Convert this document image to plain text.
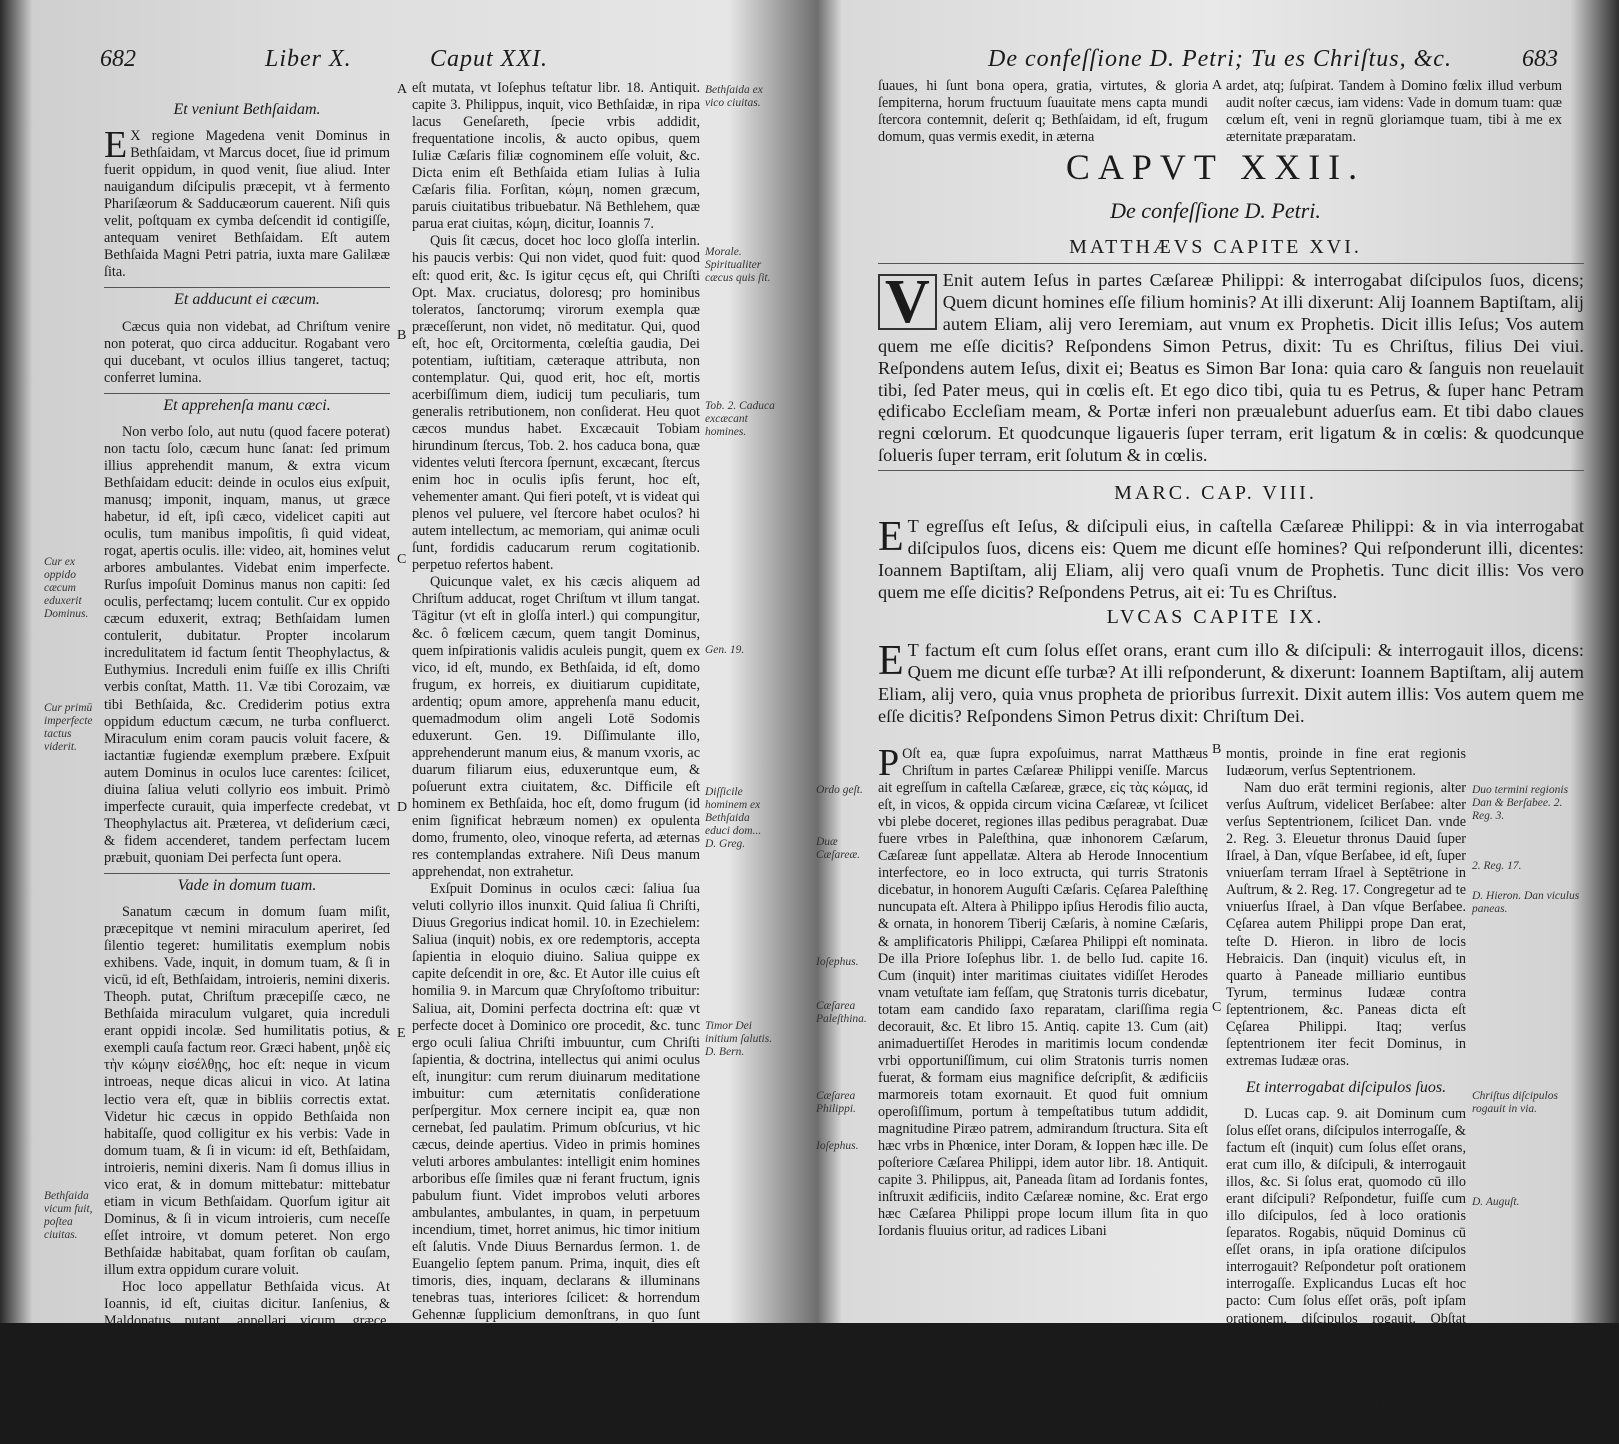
682	Liber X.	Caput XXI.
Et veniunt Bethſaidam.

E X regione Magedena venit Dominus in Bethſaidam, vt Marcus docet, ſiue id primum fuerit oppidum, in quod venit, ſiue aliud. Inter nauigandum diſcipulis præcepit, vt à fermento Phariſæorum & Sadducæorum cauerent. Niſi quis velit, poſtquam ex cymba deſcendit id contigiſſe, antequam veniret Bethſaidam. Eſt autem Bethſaida Magni Petri patria, iuxta mare Galilææ ſita.

Et adducunt ei cæcum.

Cæcus quia non videbat, ad Chriſtum venire non poterat, quo circa adducitur. Rogabant vero qui ducebant, vt oculos illius tangeret, tactuq; conferret lumina.

Et apprehenſa manu cæci.

Non verbo ſolo, aut nutu (quod facere poterat) non tactu ſolo, cæcum hunc ſanat: ſed primum illius apprehendit manum, & extra vicum Bethſaidam educit: deinde in oculos eius exſpuit, manusq; imponit, inquam, manus, ut græce habetur, id eſt, ipſi cæco, videlicet capiti aut oculis, tum manibus impoſitis, ſi quid videat, rogat, apertis oculis. ille: video, ait, homines velut arbores ambulantes. Videbat enim imperfecte. Rurſus impoſuit Dominus manus non capiti: ſed oculis, perfectamq; lucem contulit. Cur ex oppido cæcum eduxerit, extraq; Bethſaidam lumen contulerit, dubitatur. Propter incolarum incredulitatem id factum ſentit Theophylactus, & Euthymius. Increduli enim fuiſſe ex illis Chriſti verbis conſtat, Matth. 11. Væ tibi Corozaim, væ tibi Bethſaida, &c. Crediderim potius extra oppidum eductum cæcum, ne turba confluerct. Miraculum enim coram paucis voluit facere, & iactantiæ fugiendæ exemplum præbere. Exſpuit autem Dominus in oculos luce carentes: ſcilicet, diuina ſaliua veluti collyrio eos imbuit. Primò imperfecte curauit, quia imperfecte credebat, vt Theophylactus ait. Præterea, vt deſiderium cæci, & fidem accenderet, tandem perfectam lucem præbuit, quoniam Dei perfecta ſunt opera.

Vade in domum tuam.

Sanatum cæcum in domum ſuam miſit, præcepitque vt nemini miraculum aperiret, ſed ſilentio tegeret: humilitatis exemplum nobis exhibens. Vade, inquit, in domum tuam, & ſi in vicū, id eſt, Bethſaidam, introieris, nemini dixeris. Theoph. putat, Chriſtum præcepiſſe cæco, ne Bethſaida miraculum vulgaret, quia increduli erant oppidi incolæ. Sed humilitatis potius, & exempli cauſa factum reor. Græci habent, μηδὲ εἰς τὴν κώμην εἰσέλθῃς, hoc eſt: neque in vicum introeas, neque dicas alicui in vico. At latina lectio vera eſt, quæ in bibliis correctis extat. Videtur hic cæcus in oppido Bethſaida non habitaſſe, quod colligitur ex his verbis: Vade in domum tuam, & ſi in vicum: id eſt, Bethſaidam, introieris, nemini dixeris. Nam ſi domus illius in vico erat, & in domum mittebatur: mittebatur etiam in vicum Bethſaidam. Quorſum igitur ait Dominus, & ſi in vicum introieris, cum neceſſe eſſet introire, vt domum peteret. Non ergo Bethſaidæ habitabat, quam forſitan ob cauſam, illum extra oppidum curare voluit.

Hoc loco appellatur Bethſaida vicus. At Ioannis, id eſt, ciuitas dicitur. Ianſenius, & Maldonatus putant, appellari vicum, græce, κώμην, ob paruitatem, quod parua eſſet ciuitas, vel dicendū appellari Bethſaidam vicum hoc loco, quoniam vicus fuerat. Ciuitatē vero à Ioanne dici, quia ex vico in ciuitatem

eſt mutata, vt Ioſephus teſtatur libr. 18. Antiquit. capite 3. Philippus, inquit, vico Bethſaidæ, in ripa lacus Geneſareth, ſpecie vrbis addidit, frequentatione incolis, & aucto opibus, quem Iuliæ Cæſaris filiæ cognominem eſſe voluit, &c. Dicta enim eſt Bethſaida etiam Iulias à Iulia Cæſaris filia. Forſitan, κώμη, nomen græcum, paruis ciuitatibus tribuebatur. Nā Bethlehem, quæ parua erat ciuitas, κώμη, dicitur, Ioannis 7.

Quis ſit cæcus, docet hoc loco gloſſa interlin. his paucis verbis: Qui non videt, quod fuit: quod eſt: quod erit, &c. Is igitur cęcus eſt, qui Chriſti Opt. Max. cruciatus, doloresq; pro hominibus toleratos, ſanctorumq; virorum exempla quæ præceſſerunt, non videt, nō meditatur. Qui, quod eſt, hoc eſt, Orcitormenta, cœleſtia gaudia, Dei potentiam, iuſtitiam, cæteraque attributa, non contemplatur. Qui, quod erit, hoc eſt, mortis acerbiſſimum diem, iudicij tum peculiaris, tum generalis retributionem, non conſiderat. Heu quot cæcos mundus habet. Excæcauit Tobiam hirundinum ſtercus, Tob. 2. hos caduca bona, quæ videntes veluti ſtercora ſpernunt, excæcant, ſtercus enim hoc in oculis ipſis ferunt, hoc eſt, vehementer amant. Qui fieri poteſt, vt is videat qui plenos vel puluere, vel ſtercore habet oculos? hi autem intellectum, ac memoriam, qui animæ oculi ſunt, fordidis caducarum rerum cogitationib. perpetuo refertos habent.

Quicunque valet, ex his cæcis aliquem ad Chriſtum adducat, roget Chriſtum vt illum tangat. Tāgitur (vt eſt in gloſſa interl.) qui compungitur, &c. ô fœlicem cæcum, quem tangit Dominus, quem inſpirationis validis aculeis pungit, quem ex vico, id eſt, mundo, ex Bethſaida, id eſt, domo frugum, ex horreis, ex diuitiarum cupiditate, ardentiq; opum amore, apprehenſa manu educit, quemadmodum olim angeli Lotē Sodomis eduxerunt. Gen. 19. Diſſimulante illo, apprehenderunt manum eius, & manum vxoris, ac duarum filiarum eius, eduxeruntque eum, & poſuerunt extra ciuitatem, &c. Difficile eſt hominem ex Bethſaida, hoc eſt, domo frugum (id enim ſignificat hebræum nomen) ex opulenta domo, frumento, oleo, vinoque referta, ad æternas res contemplandas extrahere. Niſi Deus manum apprehendat, non extrahetur.

Exſpuit Dominus in oculos cæci: ſaliua ſua veluti collyrio illos inunxit. Quid ſaliua ſi Chriſti, Diuus Gregorius indicat homil. 10. in Ezechielem: Saliua (inquit) nobis, ex ore redemptoris, accepta ſapientia in eloquio diuino. Saliua quippe ex capite deſcendit in ore, &c. Et Autor ille cuius eſt homilia 9. in Marcum quæ Chryſoſtomo tribuitur: Saliua, ait, Domini perfecta doctrina eſt: quæ vt perfecte docet à Dominico ore procedit, &c. tunc ergo oculi ſaliua Chriſti imbuuntur, cum Chriſti ſapientia, & doctrina, intellectus qui animi oculus eſt, inungitur: cum rerum diuinarum meditatione imbuitur: cum æternitatis conſideratione perſpergitur. Mox cernere incipit ea, quæ non cernebat, ſed paulatim. Primum obſcurius, vt hic cæcus, deinde apertius. Video in primis homines veluti arbores ambulantes: intelligit enim homines arboribus eſſe ſimiles quæ ni ferant fructum, ignis pabulum fiunt. Videt improbos veluti arbores ambulantes, ambulantes, in quam, in perpetuum incendium, timet, horret animus, hic timor initium eſt ſalutis. Vnde Diuus Bernardus ſermon. 1. de Euangelio ſeptem panum. Prima, inquit, dies eſt timoris, dies, inquam, declarans & illuminans tenebras tuas, interiores ſcilicet: & horrendum Gehennæ ſupplicium demonſtrans, in quo ſunt tenebræ exteriores, nam huiuſmodi ſiquidem cogitatio, ſicut ipſi noſtis, noſtræ ſolet exercere primordia conuerſionis, &c. Poſt, videt arborum viriditatum, ac fructiferarum, id eſt, hominū proborum fructus, quam ſint dulces, quā iucundi, quā

ſuaues,

A
B
C
D
E
Bethſaida ex vico ciuitas.
Morale. Spiritualiter cæcus quis ſit.
Tob. 2. Caduca excæcant homines.
Gen. 19.
Diſſicile hominem ex Bethſaida educi dom... D. Greg.
Timor Dei initium ſalutis. D. Bern.
Cur ex oppido cæcum eduxerit Dominus.
Cur primū imperfecte tactus viderit.
Bethſaida vicum fuit, poſtea ciuitas.
De confeſſione D. Petri; Tu es Chriſtus, &c.	683
ſuaues, hi ſunt bona opera, gratia, virtutes, & gloria ſempiterna, horum fructuum ſuauitate mens capta mundi ſtercora contemnit, deſerit q; Bethſaidam, id eſt, frugum domum, quas vermis exedit, in æterna
A ardet, atq; ſuſpirat. Tandem à Domino fœlix illud verbum audit noſter cæcus, iam videns: Vade in domum tuam: quæ cœlum eſt, veni in regnū gloriamque tuam, tibi à me ex æternitate præparatam.
CAPVT XXII.
De confeſſione D. Petri.
MATTHÆVS CAPITE XVI.
V Enit autem Ieſus in partes Cæſareæ Philippi: & interrogabat diſcipulos ſuos, dicens; Quem dicunt homines eſſe filium hominis? At illi dixerunt: Alij Ioannem Baptiſtam, alij autem Eliam, alij vero Ieremiam, aut vnum ex Prophetis. Dicit illis Ieſus; Vos autem quem me eſſe dicitis? Reſpondens Simon Petrus, dixit: Tu es Chriſtus, filius Dei viui. Reſpondens autem Ieſus, dixit ei; Beatus es Simon Bar Iona: quia caro & ſanguis non reuelauit tibi, ſed Pater meus, qui in cœlis eſt. Et ego dico tibi, quia tu es Petrus, & ſuper hanc Petram ędificabo Eccleſiam meam, & Portæ inferi non præualebunt aduerſus eam. Et tibi dabo claues regni cœlorum. Et quodcunque ligaueris ſuper terram, erit ligatum & in cœlis: & quodcunque ſolueris ſuper terram, erit ſolutum & in cœlis.
MARC. CAP. VIII.
E T egreſſus eſt Ieſus, & diſcipuli eius, in caſtella Cæſareæ Philippi: & in via interrogabat diſcipulos ſuos, dicens eis: Quem me dicunt eſſe homines? Qui reſponderunt illi, dicentes: Ioannem Baptiſtam, alij Eliam, alij vero quaſi vnum de Prophetis. Tunc dicit illis: Vos vero quem me eſſe dicitis? Reſpondens Petrus, ait ei: Tu es Chriſtus.
LVCAS CAPITE IX.
E T factum eſt cum ſolus eſſet orans, erant cum illo & diſcipuli: & interrogauit illos, dicens: Quem me dicunt eſſe turbæ? At illi reſponderunt, & dixerunt: Ioannem Baptiſtam, alij autem Eliam, alij vero, quia vnus propheta de prioribus ſurrexit. Dixit autem illis: Vos autem quem me eſſe dicitis? Reſpondens Simon Petrus dixit: Chriſtum Dei.

P Oſt ea, quæ ſupra expoſuimus, narrat Matthæus Chriſtum in partes Cæſareæ Philippi veniſſe. Marcus ait egreſſum in caſtella Cæſareæ, græce, εἰς τὰς κώμας, id eſt, in vicos, & oppida circum vicina Cæſareæ, vt ſcilicet vbi plebe doceret, regiones illas pedibus peragrabat. Duæ fuere vrbes in Paleſthina, quæ inhonorem Cæſarum, Cæſareæ ſunt appellatæ. Altera ab Herode Innocentium interfectore, eo in loco extructa, qui turris Stratonis dicebatur, in honorem Auguſti Cæſaris. Cęſarea Paleſthinę nuncupata eſt. Altera à Philippo ipſius Herodis filio aucta, & ornata, in honorem Tiberij Cæſaris, à nomine Cæſaris, & amplificatoris Philippi, Cæſarea Philippi eſt nominata. De illa Priore Ioſephus libr. 1. de bello Iud. capite 16. Cum (inquit) inter maritimas ciuitates vidiſſet Herodes vnam vetuſtate iam feſſam, quę Stratonis turris dicebatur, totam eam candido ſaxo reparatam, clariſſima regia decorauit, &c. Et libro 15. Antiq. capite 13. Cum (ait) animaduertiſſet Herodes in maritimis locum condendæ vrbi opportuniſſimum, cui olim Stratonis turris nomen fuerat, & formam eius magnifice deſcripſit, & ædificiis marmoreis totam exornauit. Et quod fuit omnium operoſiſſimum, portum à tempeſtatibus tutum addidit, magnitudine Piræo patrem, admirandum ſtructura. Sita eſt hæc vrbs in Phœnice, inter Doram, & Ioppen hæc ille. De poſteriore Cæſarea Philippi, idem autor libr. 18. Antiquit. capite 3. Philippus, ait, Paneada ſitam ad Iordanis fontes, inſtruxit ædificiis, indito Cæſareæ nomine, &c. Erat ergo hæc Cæſarea Philippi prope locum illum ſita in quo Iordanis fluuius oritur, ad radices Libani

B
C

montis, proinde in fine erat regionis Iudæorum, verſus Septentrionem.

Nam duo erāt termini regionis, alter verſus Auſtrum, videlicet Berſabee: alter verſus Septentrionem, ſcilicet Dan. vnde 2. Reg. 3. Eleuetur thronus Dauid ſuper Iſrael, à Dan, vſque Berſabee, id eſt, ſuper vniuerſam terram Iſrael à Septētrione in Auſtrum, & 2. Reg. 17. Congregetur ad te vniuerſus Iſrael, à Dan vſque Berſabee. Cęſarea autem Philippi prope Dan erat, teſte D. Hieron. in libro de locis Hebraicis. Dan (inquit) viculus eſt, in quarto à Paneade milliario euntibus Tyrum, terminus Iudææ contra ſeptentrionem, &c. Paneas dicta eſt Cęſarea Philippi. Itaq; verſus ſeptentrionem iter fecit Dominus, in extremas Iudææ oras.

Et interrogabat diſcipulos ſuos.

D. Lucas cap. 9. ait Dominum cum ſolus eſſet orans, diſcipulos interrogaſſe, & factum eſt (inquit) cum ſolus eſſet orans, erat cum illo, & diſcipuli, & interrogauit illos, &c. Si ſolus erat, quomodo cū illo erant diſcipuli? Reſpondetur, fuiſſe cum illo diſcipulos, ſed à loco orationis ſeparatos. Rogabis, nūquid Dominus cū eſſet orans, in ipſa oratione diſcipulos interrogauit? Reſpondetur poſt orationem interrogaſſe. Explicandus Lucas eſt hoc pacto: Cum ſolus eſſet orās, poſt ipſam orationem, diſcipulos rogauit. Obſtat Marcus, ſic enim ſcribit: In via interrogabat diſcipulos ſuos. hoc eſt, inter eundem, cum iter facerent, non ergo cum oraret. Reſpondet D. Auguſtinus libr. 2. de conſenſ. Euang. cap. 53. Marc. (inquit)

dicit

Ordo geſt.
Duæ Cæſareæ.
Ioſephus.
Cæſarea Paleſthina.
Cæſarea Philippi.
Ioſephus.
Duo termini regionis Dan & Berſabee. 2. Reg. 3.
2. Reg. 17.
D. Hieron. Dan viculus paneas.
Chriſtus diſcipulos rogauit in via.
D. Auguſt.
